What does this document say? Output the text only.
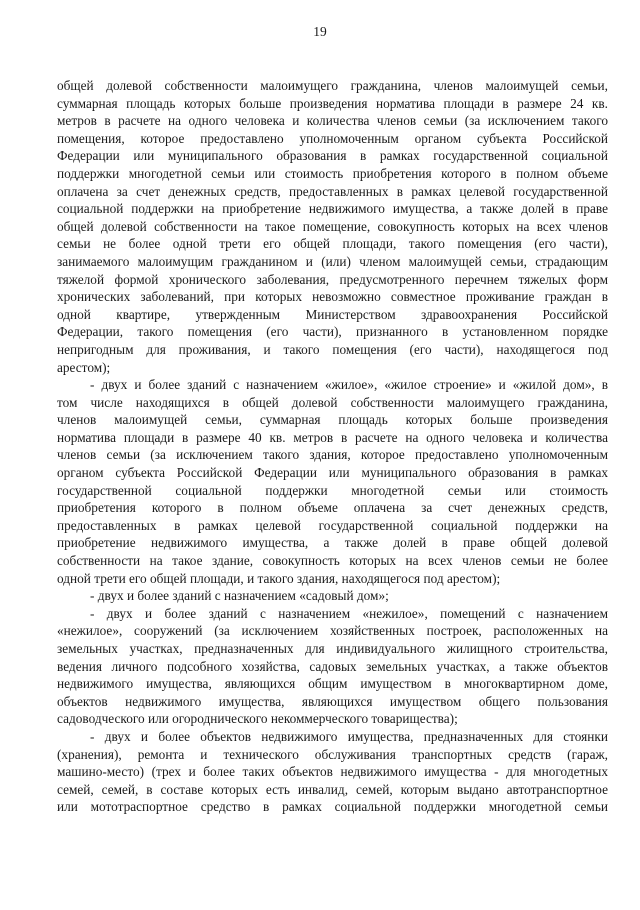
19
общей долевой собственности малоимущего гражданина, членов малоимущей семьи,
суммарная площадь которых больше произведения норматива площади в размере 24 кв.
метров в расчете на одного человека и количества членов семьи (за исключением такого
помещения, которое предоставлено уполномоченным органом субъекта Российской
Федерации или муниципального образования в рамках государственной социальной
поддержки многодетной семьи или стоимость приобретения которого в полном объеме
оплачена за счет денежных средств, предоставленных в рамках целевой государственной
социальной поддержки на приобретение недвижимого имущества, а также долей в праве
общей долевой собственности на такое помещение, совокупность которых на всех членов
семьи не более одной трети его общей площади, такого помещения (его части),
занимаемого малоимущим гражданином и (или) членом малоимущей семьи, страдающим
тяжелой формой хронического заболевания, предусмотренного перечнем тяжелых форм
хронических заболеваний, при которых невозможно совместное проживание граждан в
одной квартире, утвержденным Министерством здравоохранения Российской
Федерации, такого помещения (его части), признанного в установленном порядке
непригодным для проживания, и такого помещения (его части), находящегося под
арестом);
- двух и более зданий с назначением «жилое», «жилое строение» и «жилой дом», в
том числе находящихся в общей долевой собственности малоимущего гражданина,
членов малоимущей семьи, суммарная площадь которых больше произведения
норматива площади в размере 40 кв. метров в расчете на одного человека и количества
членов семьи (за исключением такого здания, которое предоставлено уполномоченным
органом субъекта Российской Федерации или муниципального образования в рамках
государственной социальной поддержки многодетной семьи или стоимость
приобретения которого в полном объеме оплачена за счет денежных средств,
предоставленных в рамках целевой государственной социальной поддержки на
приобретение недвижимого имущества, а также долей в праве общей долевой
собственности на такое здание, совокупность которых на всех членов семьи не более
одной трети его общей площади, и такого здания, находящегося под арестом);
- двух и более зданий с назначением «садовый дом»;
- двух и более зданий с назначением «нежилое», помещений с назначением
«нежилое», сооружений (за исключением хозяйственных построек, расположенных на
земельных участках, предназначенных для индивидуального жилищного строительства,
ведения личного подсобного хозяйства, садовых земельных участках, а также объектов
недвижимого имущества, являющихся общим имуществом в многоквартирном доме,
объектов недвижимого имущества, являющихся имуществом общего пользования
садоводческого или огороднического некоммерческого товарищества);
- двух и более объектов недвижимого имущества, предназначенных для стоянки
(хранения), ремонта и технического обслуживания транспортных средств (гараж,
машино-место) (трех и более таких объектов недвижимого имущества - для многодетных
семей, семей, в составе которых есть инвалид, семей, которым выдано автотранспортное
или мототраспортное средство в рамках социальной поддержки многодетной семьи
